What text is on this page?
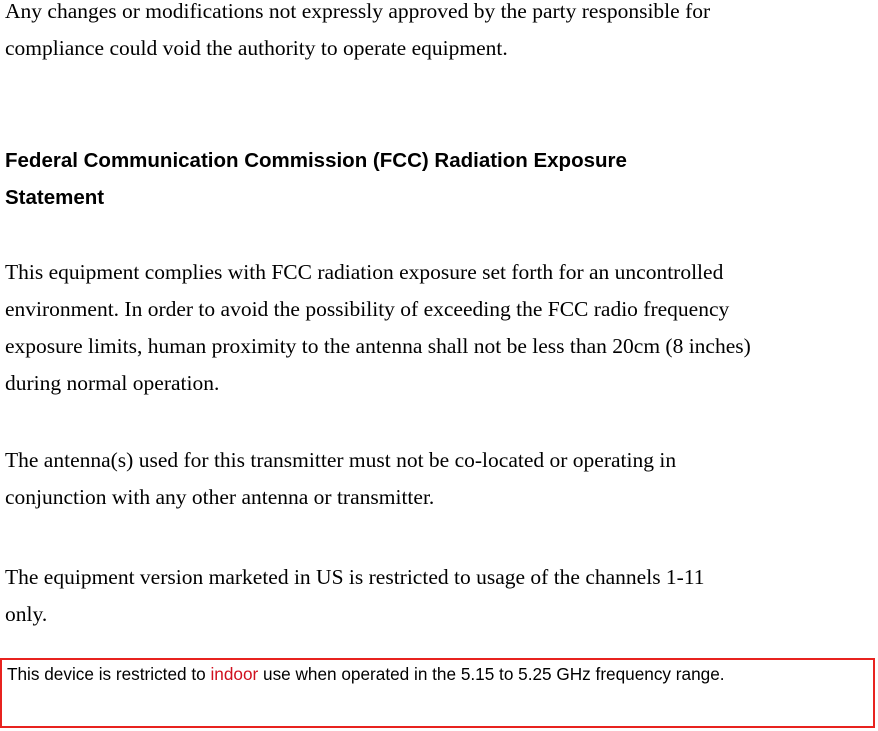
Any changes or modifications not expressly approved by the party responsible for
compliance could void the authority to operate equipment.

Federal Communication Commission (FCC) Radiation Exposure
Statement

This equipment complies with FCC radiation exposure set forth for an uncontrolled
environment. In order to avoid the possibility of exceeding the FCC radio frequency
exposure limits, human proximity to the antenna shall not be less than 20cm (8 inches)
during normal operation.

The antenna(s) used for this transmitter must not be co-located or operating in
conjunction with any other antenna or transmitter.

The equipment version marketed in US is restricted to usage of the channels 1-11
only.

This device is restricted to indoor use when operated in the 5.15 to 5.25 GHz frequency range.
